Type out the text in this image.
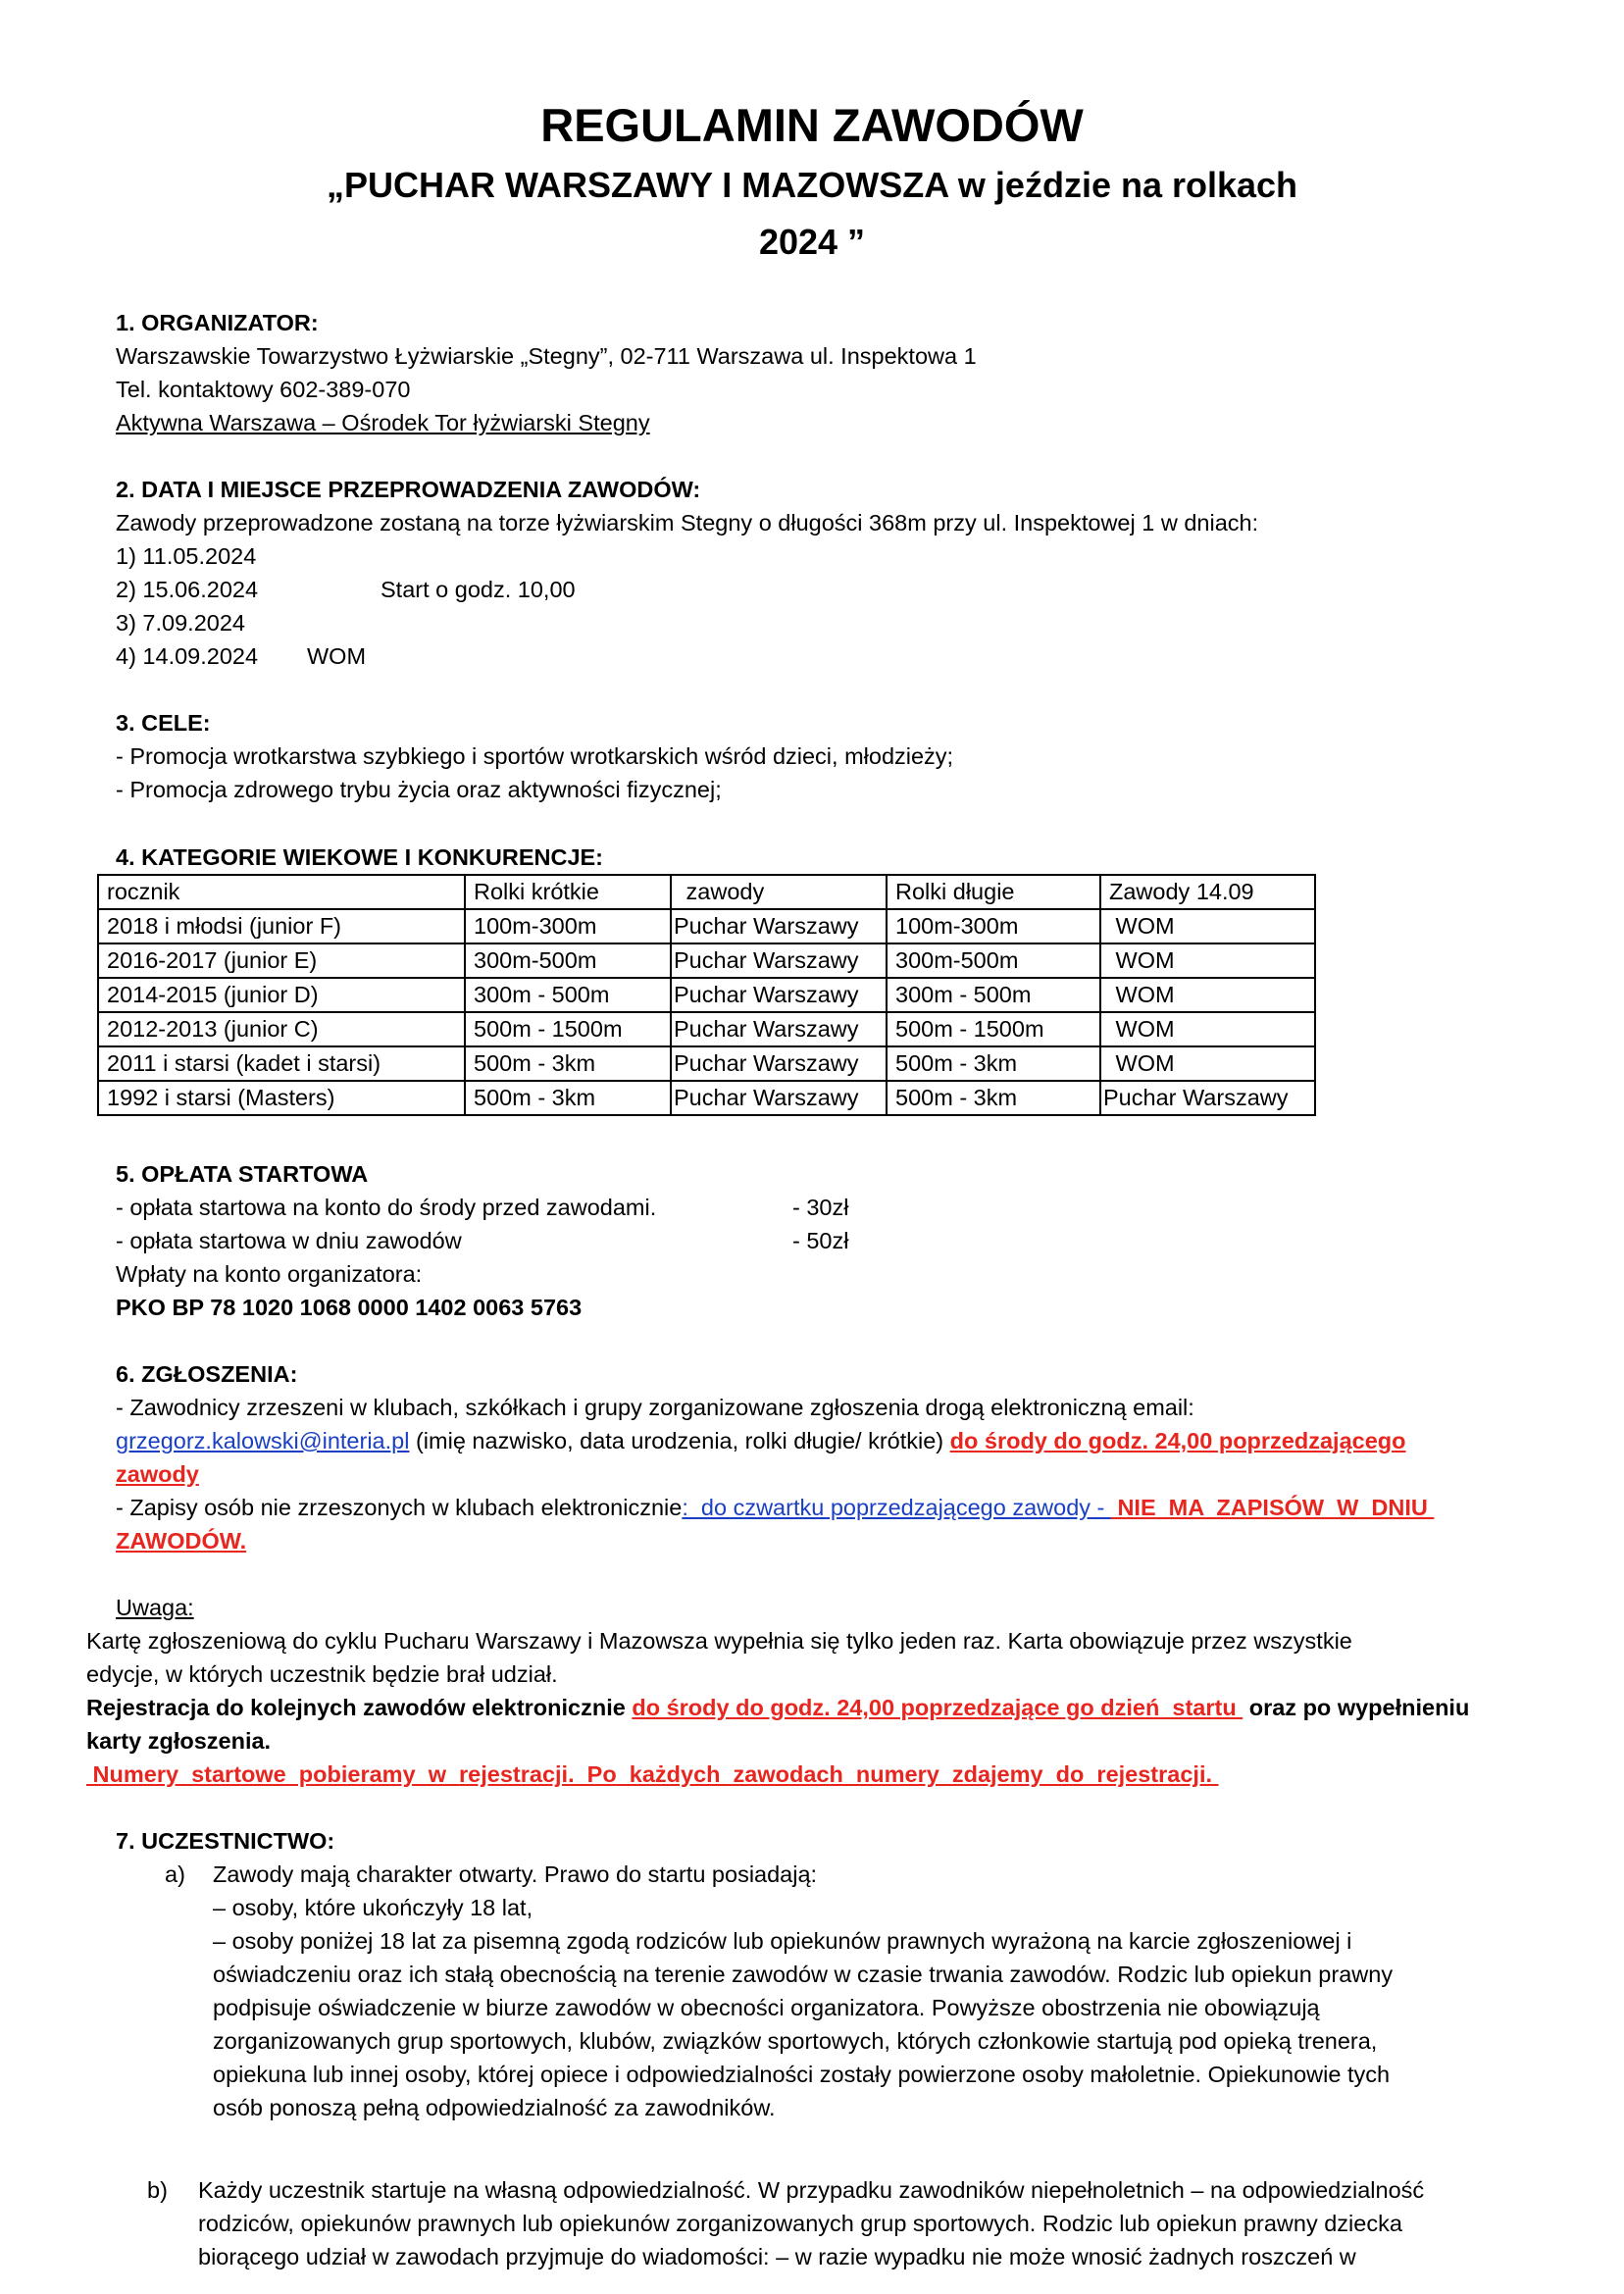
REGULAMIN ZAWODÓW
„PUCHAR WARSZAWY I MAZOWSZA w jeździe na rolkach
2024 ”
1. ORGANIZATOR:
Warszawskie Towarzystwo Łyżwiarskie „Stegny”, 02-711 Warszawa ul. Inspektowa 1
Tel. kontaktowy 602-389-070
Aktywna Warszawa – Ośrodek Tor łyżwiarski Stegny
2. DATA I MIEJSCE PRZEPROWADZENIA ZAWODÓW:
Zawody przeprowadzone zostaną na torze łyżwiarskim Stegny o długości 368m przy ul. Inspektowej 1 w dniach:
1) 11.05.2024
2) 15.06.2024	Start o godz. 10,00
3) 7.09.2024
4) 14.09.2024 WOM
3. CELE:
- Promocja wrotkarstwa szybkiego i sportów wrotkarskich wśród dzieci, młodzieży;
- Promocja zdrowego trybu życia oraz aktywności fizycznej;
4. KATEGORIE WIEKOWE I KONKURENCJE:
rocznik	Rolki krótkie	zawody	Rolki długie	Zawody 14.09
2018 i młodsi (junior F)	100m-300m	Puchar Warszawy	100m-300m	WOM
2016-2017 (junior E)	300m-500m	Puchar Warszawy	300m-500m	WOM
2014-2015 (junior D)	300m - 500m	Puchar Warszawy	300m - 500m	WOM
2012-2013 (junior C)	500m - 1500m	Puchar Warszawy	500m - 1500m	WOM
2011 i starsi (kadet i starsi)	500m - 3km	Puchar Warszawy	500m - 3km	WOM
1992 i starsi (Masters)	500m - 3km	Puchar Warszawy	500m - 3km	Puchar Warszawy
5. OPŁATA STARTOWA
- opłata startowa na konto do środy przed zawodami.	- 30zł
- opłata startowa w dniu zawodów	- 50zł
Wpłaty na konto organizatora:
PKO BP 78 1020 1068 0000 1402 0063 5763
6. ZGŁOSZENIA:
- Zawodnicy zrzeszeni w klubach, szkółkach i grupy zorganizowane zgłoszenia drogą elektroniczną email:
grzegorz.kalowski@interia.pl (imię nazwisko, data urodzenia, rolki długie/ krótkie) do środy do godz. 24,00 poprzedzającego
zawody
- Zapisy osób nie zrzeszonych w klubach elektronicznie:  do czwartku poprzedzającego zawody -  NIE  MA  ZAPISÓW  W  DNIU
ZAWODÓW.
Uwaga:
Kartę zgłoszeniową do cyklu Pucharu Warszawy i Mazowsza wypełnia się tylko jeden raz. Karta obowiązuje przez wszystkie
edycje, w których uczestnik będzie brał udział.
Rejestracja do kolejnych zawodów elektronicznie do środy do godz. 24,00 poprzedzające go dzień  startu  oraz po wypełnieniu
karty zgłoszenia.
Numery  startowe  pobieramy  w  rejestracji.  Po  każdych  zawodach  numery  zdajemy  do  rejestracji.
7. UCZESTNICTWO:
a) Zawody mają charakter otwarty. Prawo do startu posiadają:
– osoby, które ukończyły 18 lat,
– osoby poniżej 18 lat za pisemną zgodą rodziców lub opiekunów prawnych wyrażoną na karcie zgłoszeniowej i
oświadczeniu oraz ich stałą obecnością na terenie zawodów w czasie trwania zawodów. Rodzic lub opiekun prawny
podpisuje oświadczenie w biurze zawodów w obecności organizatora. Powyższe obostrzenia nie obowiązują
zorganizowanych grup sportowych, klubów, związków sportowych, których członkowie startują pod opieką trenera,
opiekuna lub innej osoby, której opiece i odpowiedzialności zostały powierzone osoby małoletnie. Opiekunowie tych
osób ponoszą pełną odpowiedzialność za zawodników.
b) Każdy uczestnik startuje na własną odpowiedzialność. W przypadku zawodników niepełnoletnich – na odpowiedzialność
rodziców, opiekunów prawnych lub opiekunów zorganizowanych grup sportowych. Rodzic lub opiekun prawny dziecka
biorącego udział w zawodach przyjmuje do wiadomości: – w razie wypadku nie może wnosić żadnych roszczeń w
